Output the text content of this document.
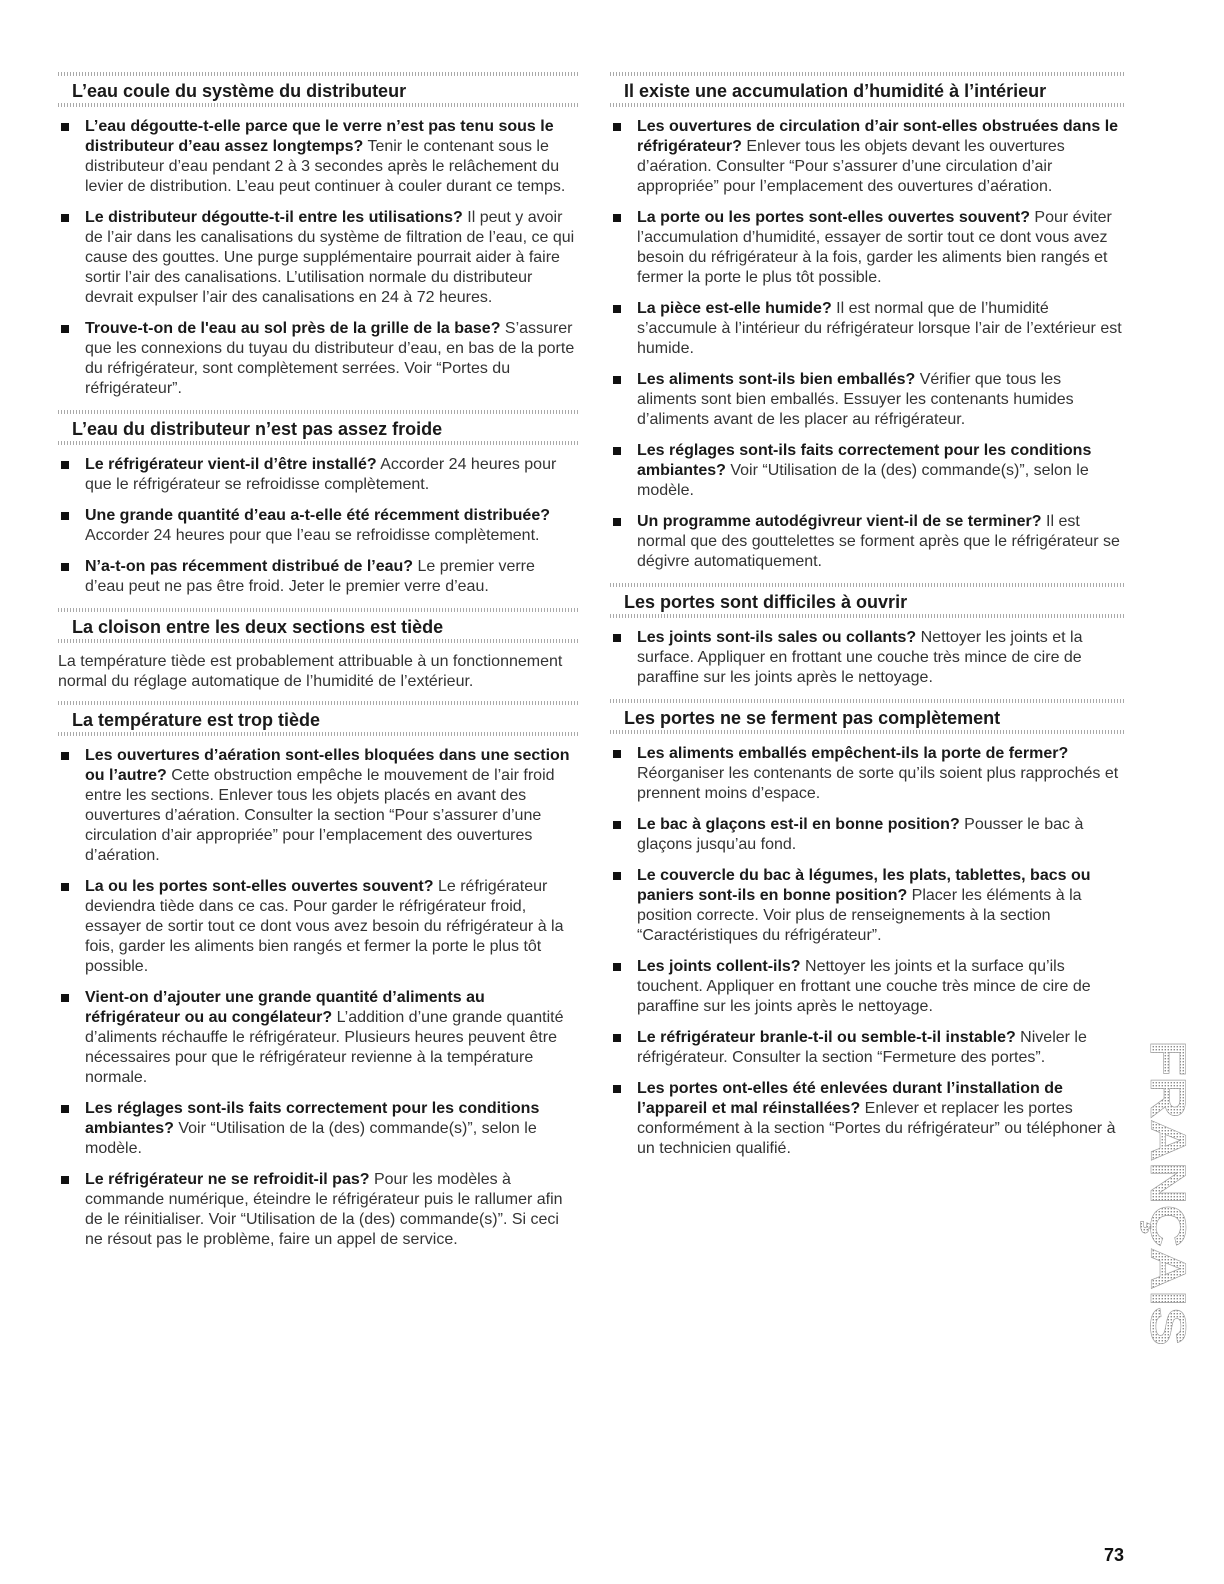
L’eau coule du système du distributeur
L’eau dégoutte-t-elle parce que le verre n’est pas tenu sous le distributeur d’eau assez longtemps? Tenir le contenant sous le distributeur d’eau pendant 2 à 3 secondes après le relâchement du levier de distribution. L’eau peut continuer à couler durant ce temps.
Le distributeur dégoutte-t-il entre les utilisations? Il peut y avoir de l’air dans les canalisations du système de filtration de l’eau, ce qui cause des gouttes. Une purge supplémentaire pourrait aider à faire sortir l’air des canalisations. L’utilisation normale du distributeur devrait expulser l’air des canalisations en 24 à 72 heures.
Trouve-t-on de l'eau au sol près de la grille de la base? S’assurer que les connexions du tuyau du distributeur d’eau, en bas de la porte du réfrigérateur, sont complètement serrées. Voir “Portes du réfrigérateur”.
L’eau du distributeur n’est pas assez froide
Le réfrigérateur vient-il d’être installé? Accorder 24 heures pour que le réfrigérateur se refroidisse complètement.
Une grande quantité d’eau a-t-elle été récemment distribuée? Accorder 24 heures pour que l’eau se refroidisse complètement.
N’a-t-on pas récemment distribué de l’eau? Le premier verre d’eau peut ne pas être froid. Jeter le premier verre d’eau.
La cloison entre les deux sections est tiède

La température tiède est probablement attribuable à un fonctionnement normal du réglage automatique de l’humidité de l’extérieur.

La température est trop tiède
Les ouvertures d’aération sont-elles bloquées dans une section ou l’autre? Cette obstruction empêche le mouvement de l’air froid entre les sections. Enlever tous les objets placés en avant des ouvertures d’aération. Consulter la section “Pour s’assurer d’une circulation d’air appropriée” pour l’emplacement des ouvertures d’aération.
La ou les portes sont-elles ouvertes souvent? Le réfrigérateur deviendra tiède dans ce cas. Pour garder le réfrigérateur froid, essayer de sortir tout ce dont vous avez besoin du réfrigérateur à la fois, garder les aliments bien rangés et fermer la porte le plus tôt possible.
Vient-on d’ajouter une grande quantité d’aliments au réfrigérateur ou au congélateur? L’addition d’une grande quantité d’aliments réchauffe le réfrigérateur. Plusieurs heures peuvent être nécessaires pour que le réfrigérateur revienne à la température normale.
Les réglages sont-ils faits correctement pour les conditions ambiantes? Voir “Utilisation de la (des) commande(s)”, selon le modèle.
Le réfrigérateur ne se refroidit-il pas? Pour les modèles à commande numérique, éteindre le réfrigérateur puis le rallumer afin de le réinitialiser. Voir “Utilisation de la (des) commande(s)”. Si ceci ne résout pas le problème, faire un appel de service.
Il existe une accumulation d’humidité à l’intérieur
Les ouvertures de circulation d’air sont-elles obstruées dans le réfrigérateur? Enlever tous les objets devant les ouvertures d’aération. Consulter “Pour s’assurer d’une circulation d’air appropriée” pour l’emplacement des ouvertures d’aération.
La porte ou les portes sont-elles ouvertes souvent? Pour éviter l’accumulation d’humidité, essayer de sortir tout ce dont vous avez besoin du réfrigérateur à la fois, garder les aliments bien rangés et fermer la porte le plus tôt possible.
La pièce est-elle humide? Il est normal que de l’humidité s’accumule à l’intérieur du réfrigérateur lorsque l’air de l’extérieur est humide.
Les aliments sont-ils bien emballés? Vérifier que tous les aliments sont bien emballés. Essuyer les contenants humides d’aliments avant de les placer au réfrigérateur.
Les réglages sont-ils faits correctement pour les conditions ambiantes? Voir “Utilisation de la (des) commande(s)”, selon le modèle.
Un programme autodégivreur vient-il de se terminer? Il est normal que des gouttelettes se forment après que le réfrigérateur se dégivre automatiquement.
Les portes sont difficiles à ouvrir
Les joints sont-ils sales ou collants? Nettoyer les joints et la surface. Appliquer en frottant une couche très mince de cire de paraffine sur les joints après le nettoyage.
Les portes ne se ferment pas complètement
Les aliments emballés empêchent-ils la porte de fermer? Réorganiser les contenants de sorte qu’ils soient plus rapprochés et prennent moins d’espace.
Le bac à glaçons est-il en bonne position? Pousser le bac à glaçons jusqu’au fond.
Le couvercle du bac à légumes, les plats, tablettes, bacs ou paniers sont-ils en bonne position? Placer les éléments à la position correcte. Voir plus de renseignements à la section “Caractéristiques du réfrigérateur”.
Les joints collent-ils? Nettoyer les joints et la surface qu’ils touchent. Appliquer en frottant une couche très mince de cire de paraffine sur les joints après le nettoyage.
Le réfrigérateur branle-t-il ou semble-t-il instable? Niveler le réfrigérateur. Consulter la section “Fermeture des portes”.
Les portes ont-elles été enlevées durant l’installation de l’appareil et mal réinstallées? Enlever et replacer les portes conformément à la section “Portes du réfrigérateur” ou téléphoner à un technicien qualifié.	FRANÇAIS
73
